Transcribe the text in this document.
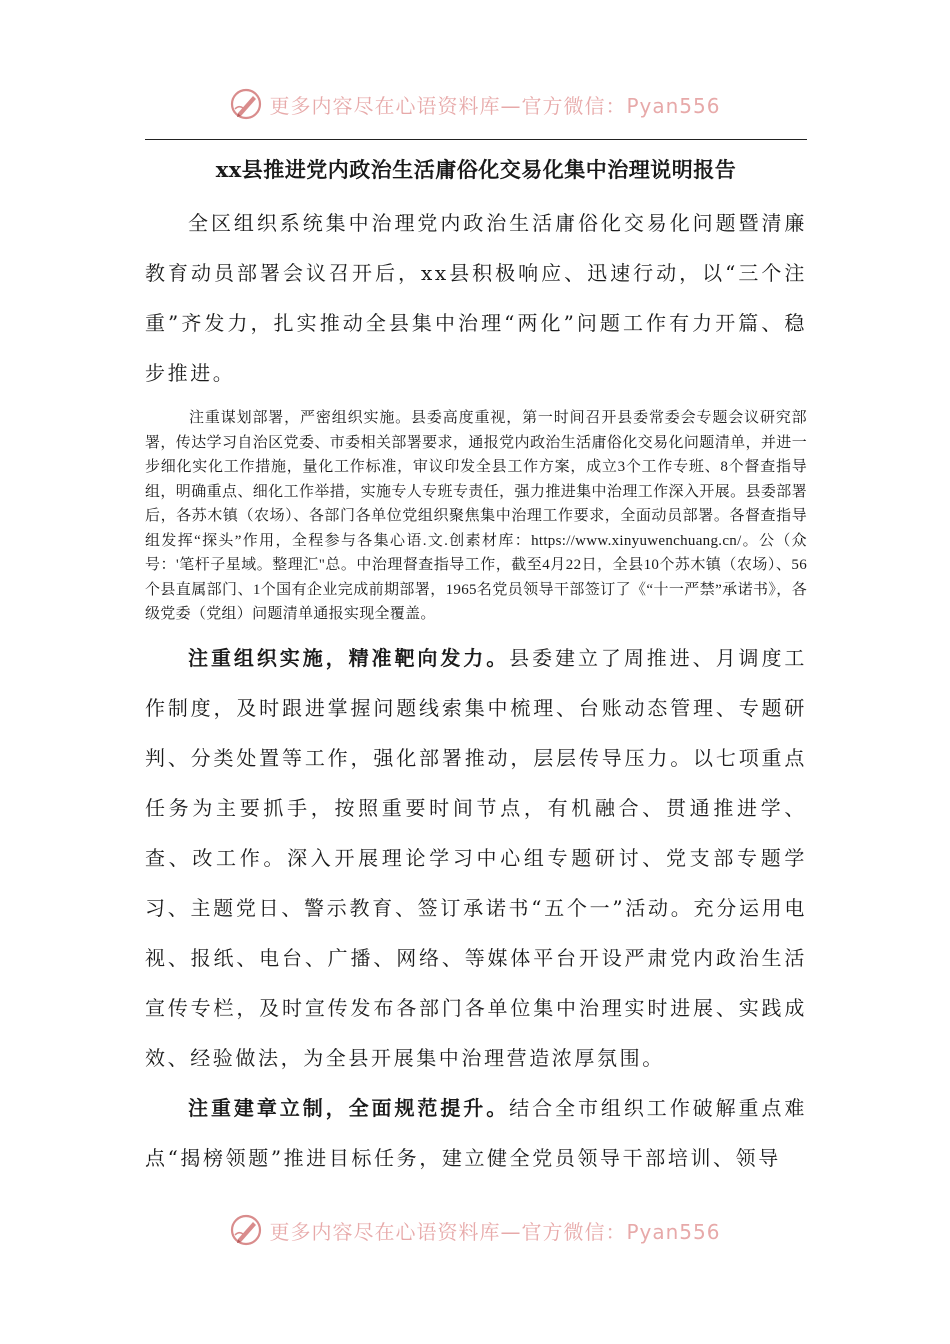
更多内容尽在心语资料库—官方微信：Pyan556
xx县推进党内政治生活庸俗化交易化集中治理说明报告

全区组织系统集中治理党内政治生活庸俗化交易化问题暨清廉教育动员部署会议召开后，xx县积极响应、迅速行动，以“三个注重”齐发力，扎实推动全县集中治理“两化”问题工作有力开篇、稳步推进。

注重谋划部署，严密组织实施。县委高度重视，第一时间召开县委常委会专题会议研究部署，传达学习自治区党委、市委相关部署要求，通报党内政治生活庸俗化交易化问题清单，并进一步细化实化工作措施，量化工作标准，审议印发全县工作方案，成立3个工作专班、8个督查指导组，明确重点、细化工作举措，实施专人专班专责任，强力推进集中治理工作深入开展。县委部署后，各苏木镇（农场）、各部门各单位党组织聚焦集中治理工作要求，全面动员部署。各督查指导组发挥“探头”作用，全程参与各集心语.文.创素材库：https://www.xinyuwenchuang.cn/。公（众号：'笔杆子星域。整理汇"总。中治理督查指导工作，截至4月22日，全县10个苏木镇（农场）、56个县直属部门、1个国有企业完成前期部署，1965名党员领导干部签订了《“十一严禁”承诺书》，各级党委（党组）问题清单通报实现全覆盖。

注重组织实施，精准靶向发力。县委建立了周推进、月调度工作制度，及时跟进掌握问题线索集中梳理、台账动态管理、专题研判、分类处置等工作，强化部署推动，层层传导压力。以七项重点任务为主要抓手，按照重要时间节点，有机融合、贯通推进学、查、改工作。深入开展理论学习中心组专题研讨、党支部专题学习、主题党日、警示教育、签订承诺书“五个一”活动。充分运用电视、报纸、电台、广播、网络、等媒体平台开设严肃党内政治生活宣传专栏，及时宣传发布各部门各单位集中治理实时进展、实践成效、经验做法，为全县开展集中治理营造浓厚氛围。

注重建章立制，全面规范提升。结合全市组织工作破解重点难点“揭榜领题”推进目标任务，建立健全党员领导干部培训、领导

更多内容尽在心语资料库—官方微信：Pyan556
